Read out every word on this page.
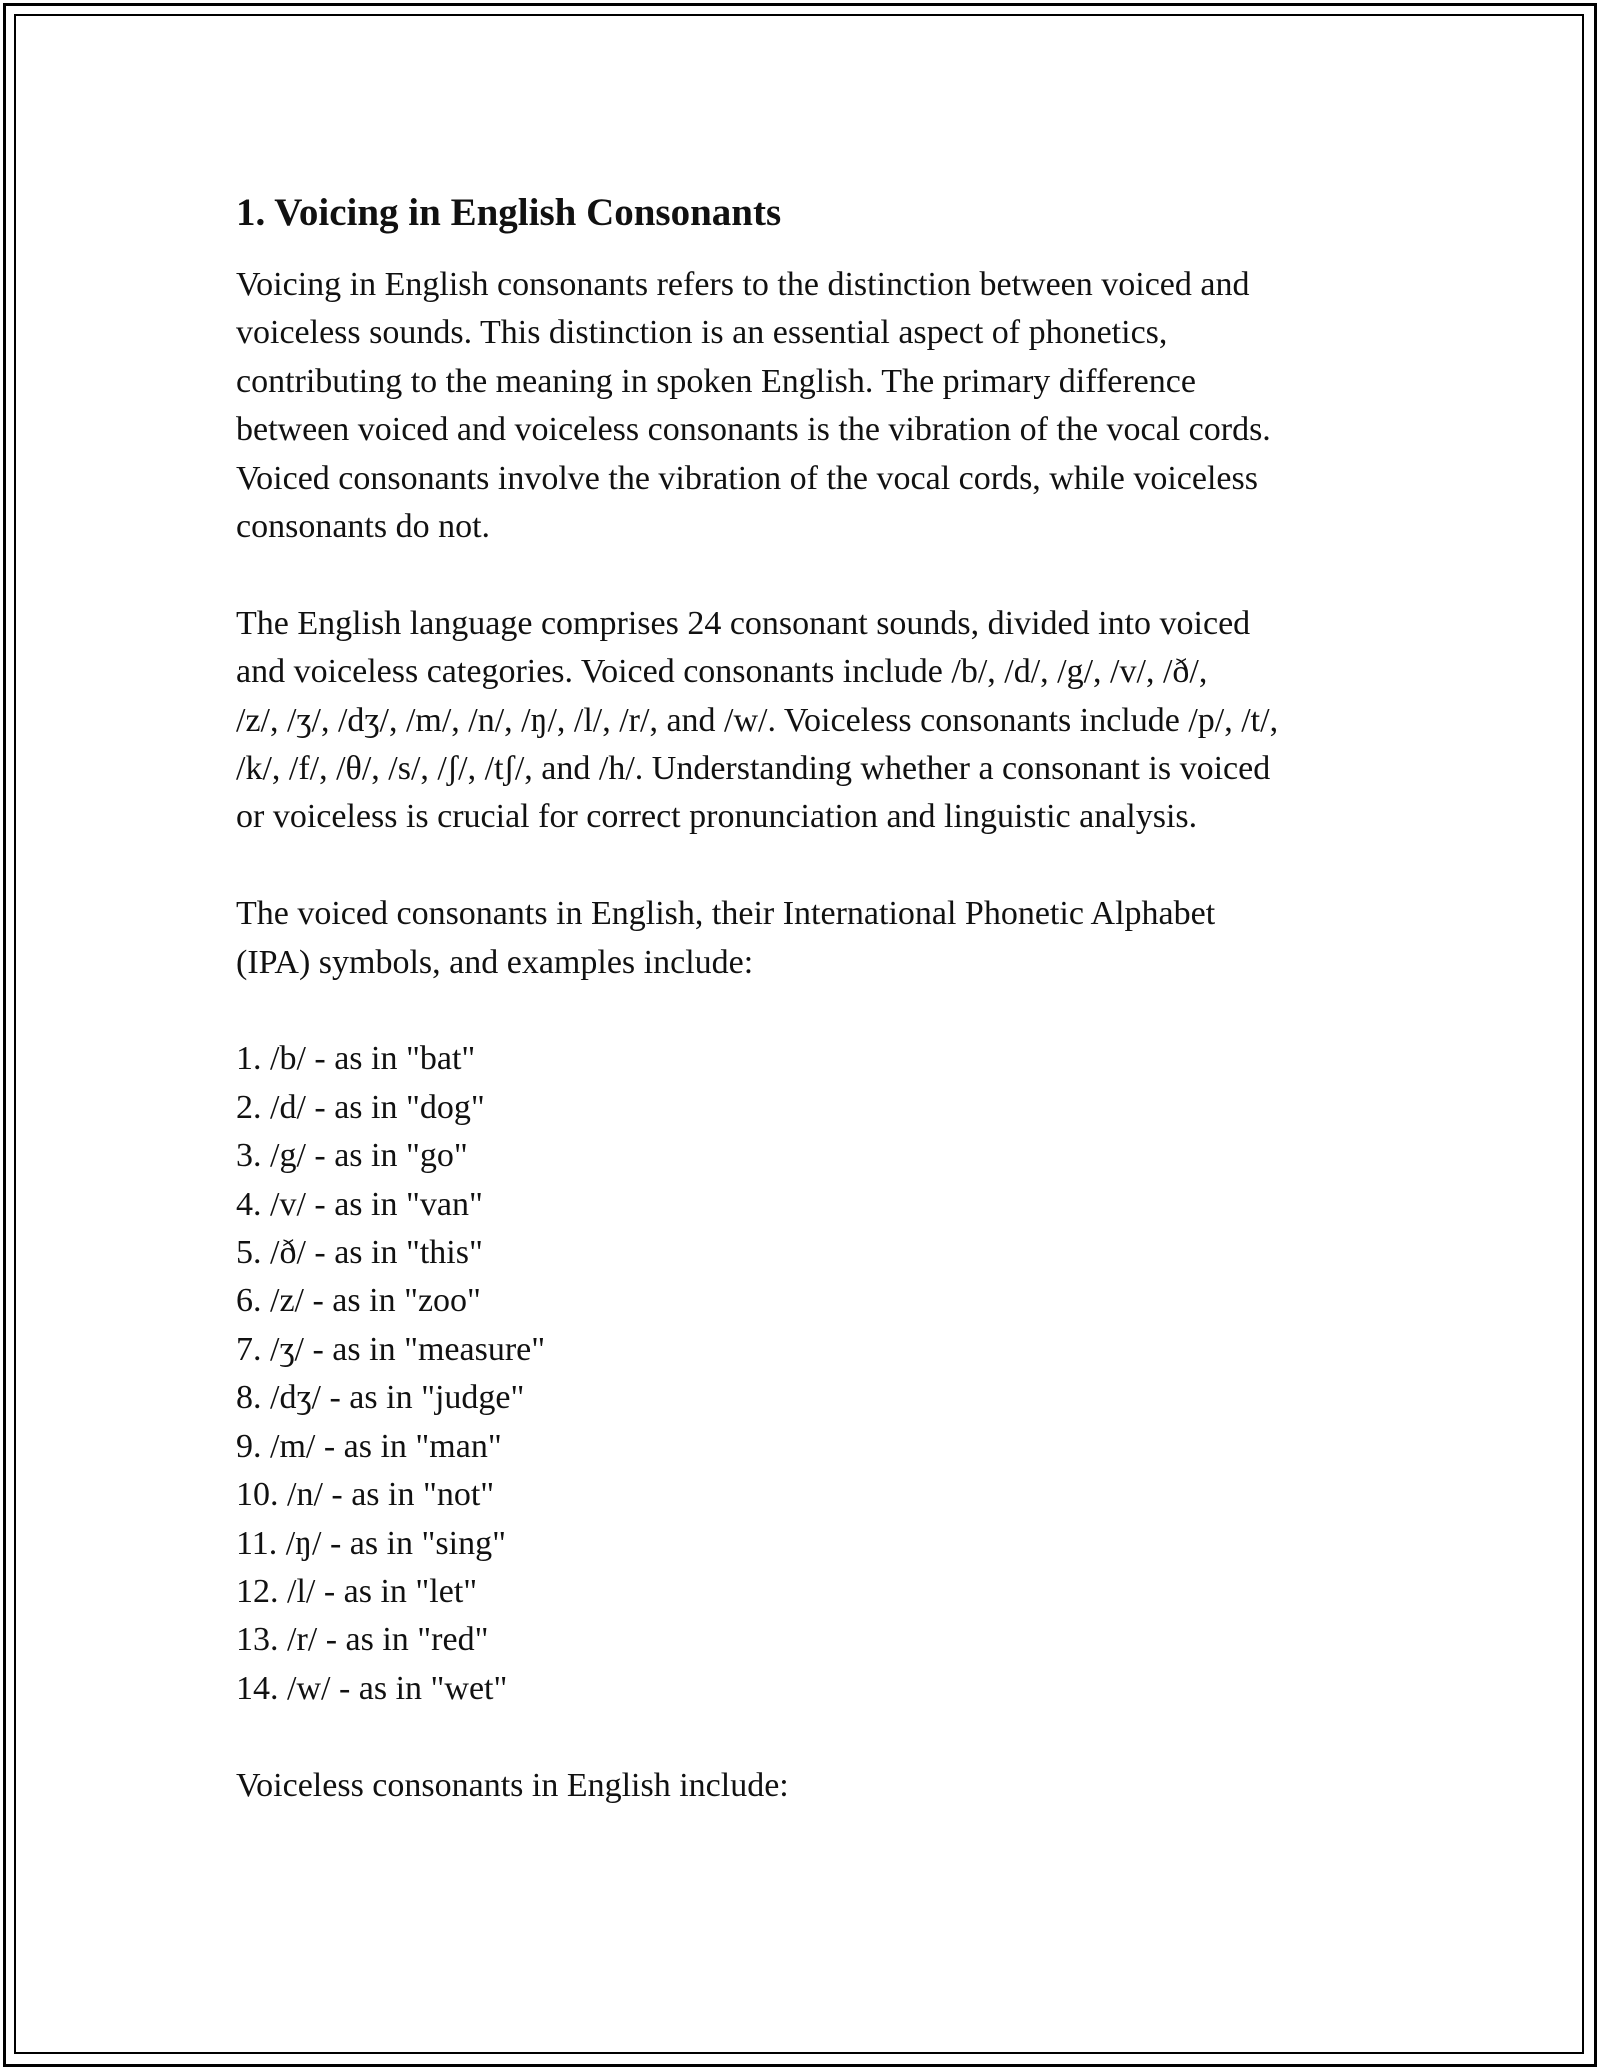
1. Voicing in English Consonants

Voicing in English consonants refers to the distinction between voiced and
voiceless sounds. This distinction is an essential aspect of phonetics,
contributing to the meaning in spoken English. The primary difference
between voiced and voiceless consonants is the vibration of the vocal cords.
Voiced consonants involve the vibration of the vocal cords, while voiceless
consonants do not.

The English language comprises 24 consonant sounds, divided into voiced
and voiceless categories. Voiced consonants include /b/, /d/, /g/, /v/, /ð/,
/z/, /ʒ/, /dʒ/, /m/, /n/, /ŋ/, /l/, /r/, and /w/. Voiceless consonants include /p/, /t/,
/k/, /f/, /θ/, /s/, /ʃ/, /tʃ/, and /h/. Understanding whether a consonant is voiced
or voiceless is crucial for correct pronunciation and linguistic analysis.

The voiced consonants in English, their International Phonetic Alphabet
(IPA) symbols, and examples include:

1. /b/ - as in "bat"
2. /d/ - as in "dog"
3. /g/ - as in "go"
4. /v/ - as in "van"
5. /ð/ - as in "this"
6. /z/ - as in "zoo"
7. /ʒ/ - as in "measure"
8. /dʒ/ - as in "judge"
9. /m/ - as in "man"
10. /n/ - as in "not"
11. /ŋ/ - as in "sing"
12. /l/ - as in "let"
13. /r/ - as in "red"
14. /w/ - as in "wet"

Voiceless consonants in English include:
